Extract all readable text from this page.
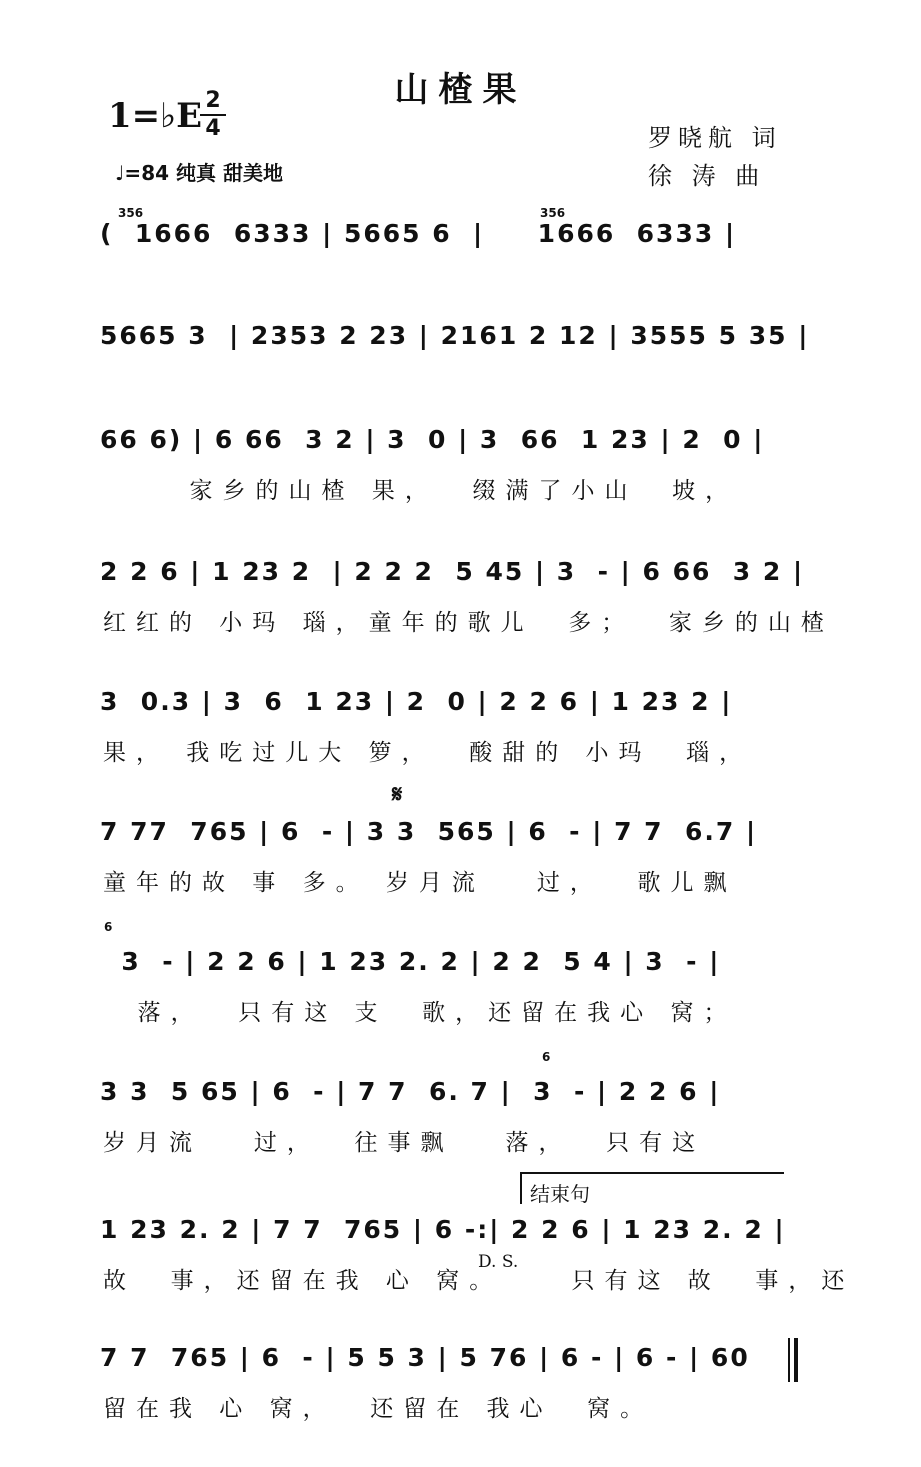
山楂果
1=♭E 2
4
♩=84 纯真 甜美地
罗晓航 词
徐 涛 曲
356	356
6
6
𝄋
(  1666  6333 | 5665 6  |     1666  6333 |
5665 3  | 2353 2 23 | 2161 2 12 | 3555 5 35 |
66 6) | 6 66  3 2 | 3  0 | 3  66  1 23 | 2  0 |
家乡的山楂 果，  缀满了小山  坡，
2 2 6 | 1 23 2  | 2 2 2  5 45 | 3  - | 6 66  3 2 |
红红的 小玛 瑙，童年的歌儿  多；  家乡的山楂
3  0.3 | 3  6  1 23 | 2  0 | 2 2 6 | 1 23 2 |
果， 我吃过儿大 箩，  酸甜的 小玛  瑙，
7 77  765 | 6  - | 3 3  565 | 6  - | 7 7  6.7 |
童年的故 事 多。 岁月流   过，  歌儿飘
3  - | 2 2 6 | 1 23 2. 2 | 2 2  5 4 | 3  - |
落，  只有这 支  歌，还留在我心 窝；
3 3  5 65 | 6  - | 7 7  6. 7 |  3  - | 2 2 6 |
岁月流   过，  往事飘   落，  只有这
结束句
1 23 2. 2 | 7 7  765 | 6 -:| 2 2 6 | 1 23 2. 2 |
故  事，还留在我 心 窝。    只有这 故  事，还
D. S.
7 7  765 | 6  - | 5 5 3 | 5 76 | 6 - | 6 - | 60
留在我 心 窝，  还留在 我心  窝。
